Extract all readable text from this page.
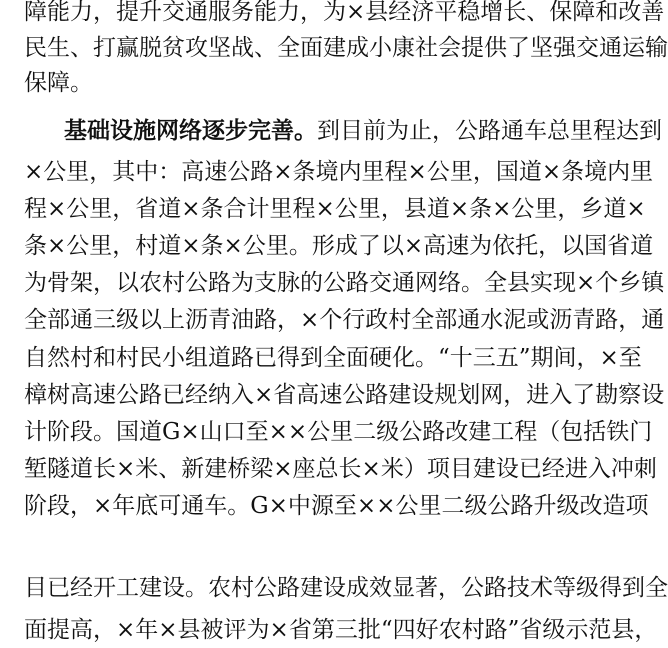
障能力，提升交通服务能力，为×县经济平稳增长、保障和改善
民生、打赢脱贫攻坚战、全面建成小康社会提供了坚强交通运输
保障。
基础设施网络逐步完善。到目前为止，公路通车总里程达到
×公里，其中：高速公路×条境内里程×公里，国道×条境内里
程×公里，省道×条合计里程×公里，县道×条×公里，乡道×
条×公里，村道×条×公里。形成了以×高速为依托，以国省道
为骨架，以农村公路为支脉的公路交通网络。全县实现×个乡镇
全部通三级以上沥青油路，×个行政村全部通水泥或沥青路，通
自然村和村民小组道路已得到全面硬化。“十三五”期间，×至
樟树高速公路已经纳入×省高速公路建设规划网，进入了勘察设
计阶段。国道G×山口至××公里二级公路改建工程（包括铁门
堑隧道长×米、新建桥梁×座总长×米）项目建设已经进入冲刺
阶段，×年底可通车。G×中源至××公里二级公路升级改造项
目已经开工建设。农村公路建设成效显著，公路技术等级得到全
面提高，×年×县被评为×省第三批“四好农村路”省级示范县，
